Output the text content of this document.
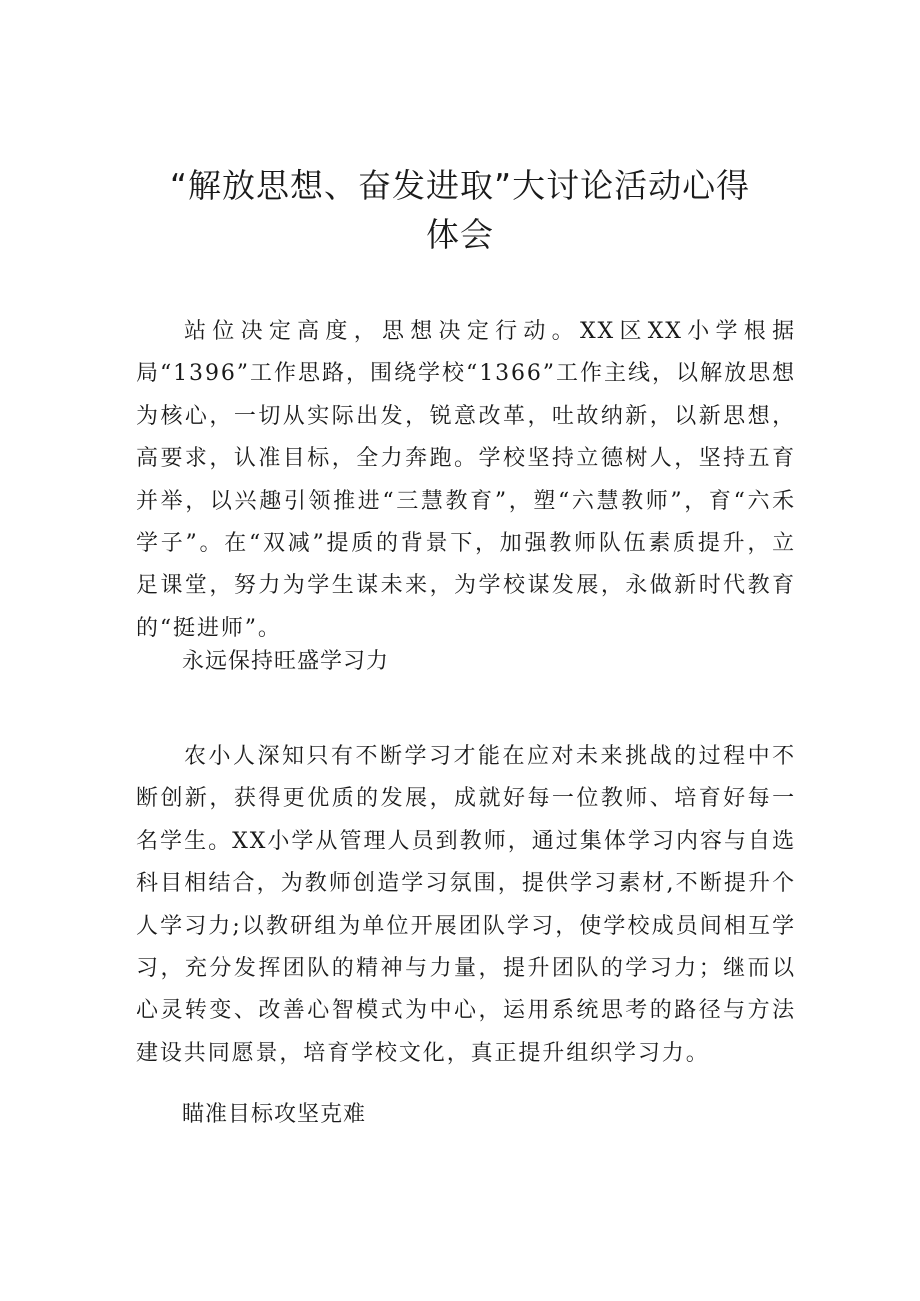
“解放思想、奋发进取”大讨论活动心得
体会

站位决定高度，思想决定行动。XX区XX小学根据局“1396”工作思路，围绕学校“1366”工作主线，以解放思想为核心，一切从实际出发，锐意改革，吐故纳新，以新思想，高要求，认准目标，全力奔跑。学校坚持立德树人，坚持五育并举，以兴趣引领推进“三慧教育”，塑“六慧教师”，育“六禾学子”。在“双减”提质的背景下，加强教师队伍素质提升，立足课堂，努力为学生谋未来，为学校谋发展，永做新时代教育的“挺进师”。

永远保持旺盛学习力

农小人深知只有不断学习才能在应对未来挑战的过程中不断创新，获得更优质的发展，成就好每一位教师、培育好每一名学生。XX小学从管理人员到教师，通过集体学习内容与自选科目相结合，为教师创造学习氛围，提供学习素材,不断提升个人学习力;以教研组为单位开展团队学习，使学校成员间相互学习，充分发挥团队的精神与力量，提升团队的学习力；继而以心灵转变、改善心智模式为中心，运用系统思考的路径与方法建设共同愿景，培育学校文化，真正提升组织学习力。

瞄准目标攻坚克难
